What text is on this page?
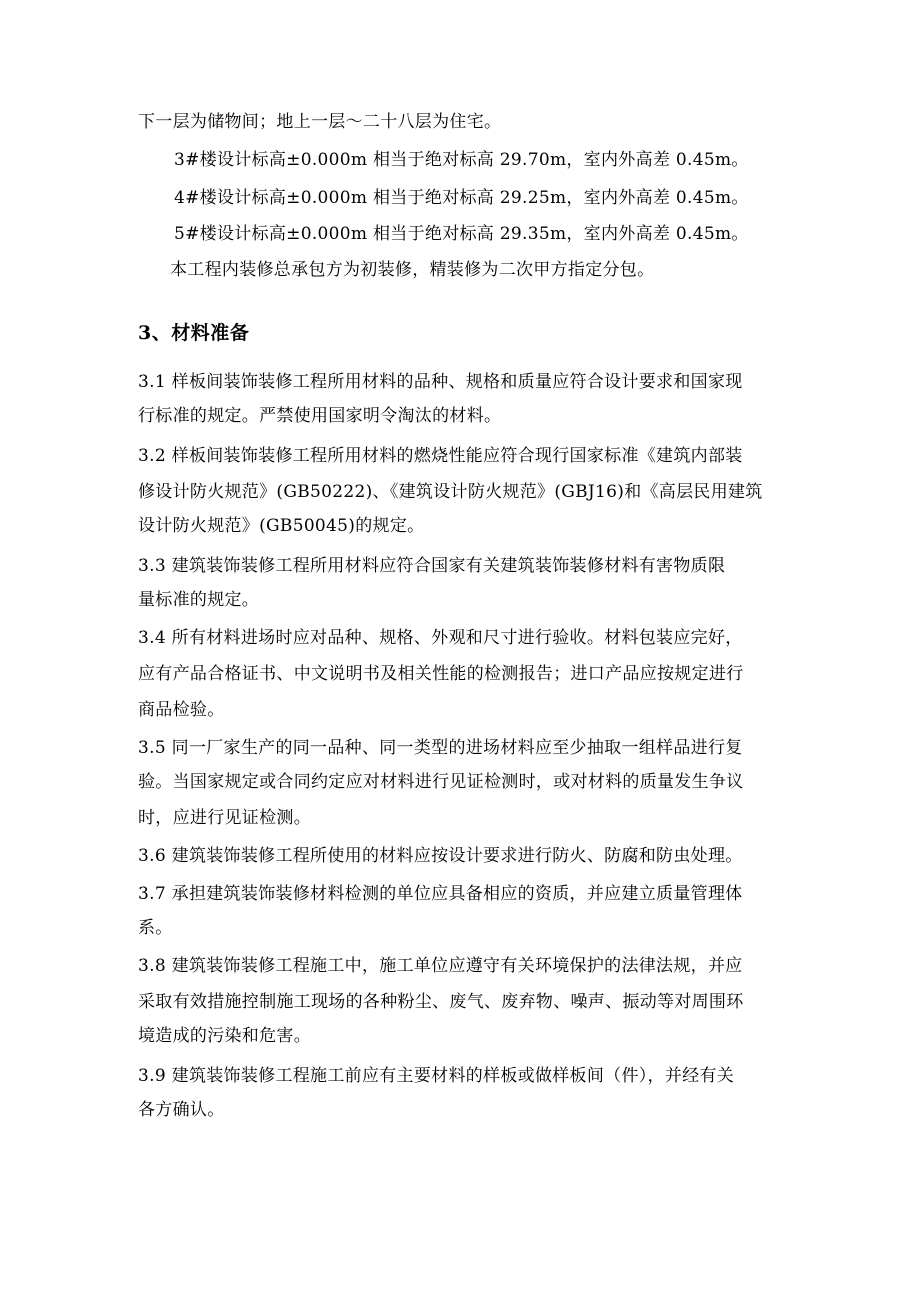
下一层为储物间；地上一层～二十八层为住宅。
3#楼设计标高±0.000m 相当于绝对标高 29.70m，室内外高差 0.45m。
4#楼设计标高±0.000m 相当于绝对标高 29.25m，室内外高差 0.45m。
5#楼设计标高±0.000m 相当于绝对标高 29.35m，室内外高差 0.45m。
本工程内装修总承包方为初装修，精装修为二次甲方指定分包。
3、材料准备
3.1 样板间装饰装修工程所用材料的品种、规格和质量应符合设计要求和国家现
行标准的规定。严禁使用国家明令淘汰的材料。
3.2 样板间装饰装修工程所用材料的燃烧性能应符合现行国家标准《建筑内部装
修设计防火规范》(GB50222)、《建筑设计防火规范》(GBJ16)和《高层民用建筑
设计防火规范》(GB50045)的规定。
3.3 建筑装饰装修工程所用材料应符合国家有关建筑装饰装修材料有害物质限
量标准的规定。
3.4 所有材料进场时应对品种、规格、外观和尺寸进行验收。材料包装应完好，
应有产品合格证书、中文说明书及相关性能的检测报告；进口产品应按规定进行
商品检验。
3.5 同一厂家生产的同一品种、同一类型的进场材料应至少抽取一组样品进行复
验。当国家规定或合同约定应对材料进行见证检测时，或对材料的质量发生争议
时，应进行见证检测。
3.6 建筑装饰装修工程所使用的材料应按设计要求进行防火、防腐和防虫处理。
3.7 承担建筑装饰装修材料检测的单位应具备相应的资质，并应建立质量管理体
系。
3.8 建筑装饰装修工程施工中，施工单位应遵守有关环境保护的法律法规，并应
采取有效措施控制施工现场的各种粉尘、废气、废弃物、噪声、振动等对周围环
境造成的污染和危害。
3.9 建筑装饰装修工程施工前应有主要材料的样板或做样板间（件），并经有关
各方确认。
